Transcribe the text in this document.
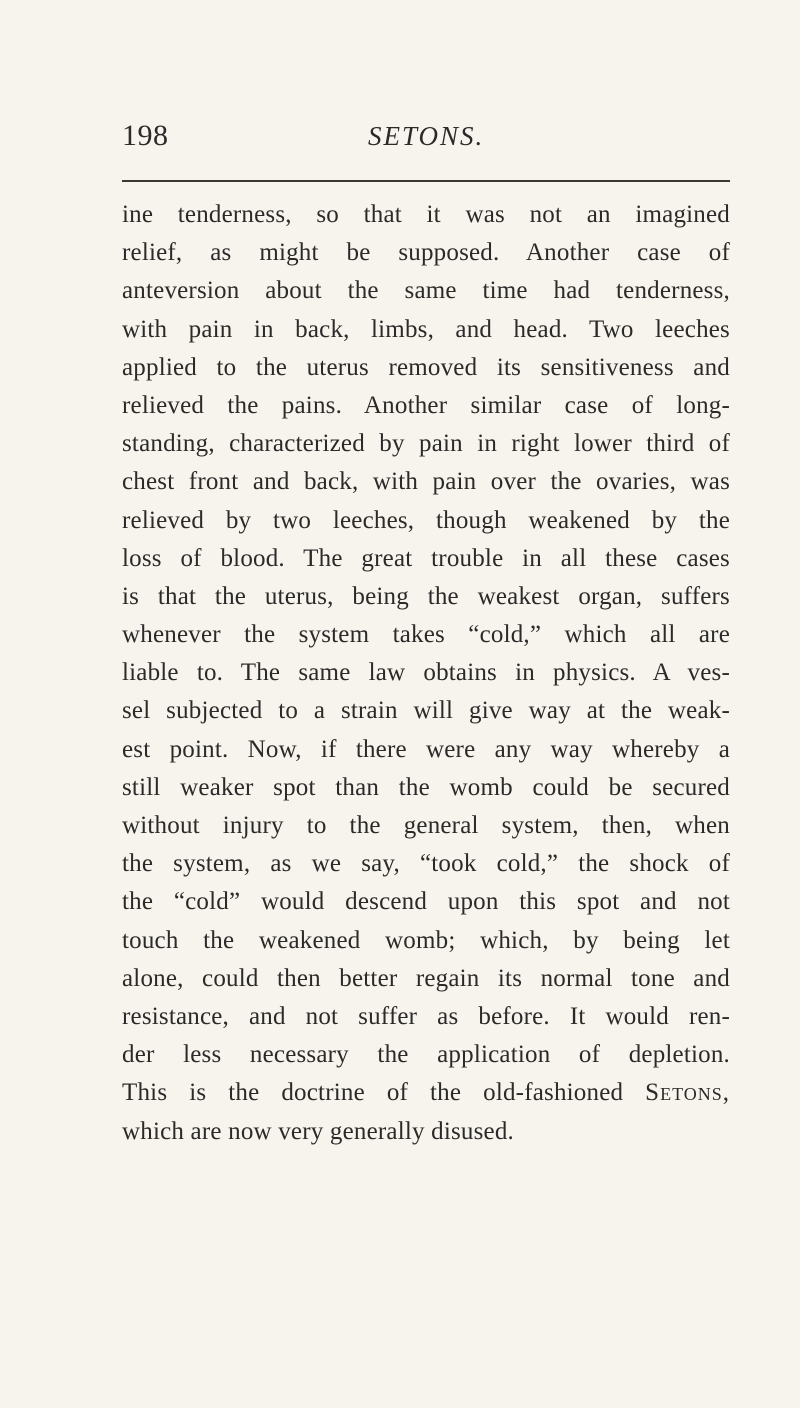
198	SETONS.
ine tenderness, so that it was not an imagined
relief, as might be supposed. Another case of
anteversion about the same time had tenderness,
with pain in back, limbs, and head. Two leeches
applied to the uterus removed its sensitiveness and
relieved the pains. Another similar case of long-
standing, characterized by pain in right lower third of
chest front and back, with pain over the ovaries, was
relieved by two leeches, though weakened by the
loss of blood. The great trouble in all these cases
is that the uterus, being the weakest organ, suffers
whenever the system takes “cold,” which all are
liable to. The same law obtains in physics. A ves-
sel subjected to a strain will give way at the weak-
est point. Now, if there were any way whereby a
still weaker spot than the womb could be secured
without injury to the general system, then, when
the system, as we say, “took cold,” the shock of
the “cold” would descend upon this spot and not
touch the weakened womb; which, by being let
alone, could then better regain its normal tone and
resistance, and not suffer as before. It would ren-
der less necessary the application of depletion.
This is the doctrine of the old-fashioned Setons,
which are now very generally disused.
